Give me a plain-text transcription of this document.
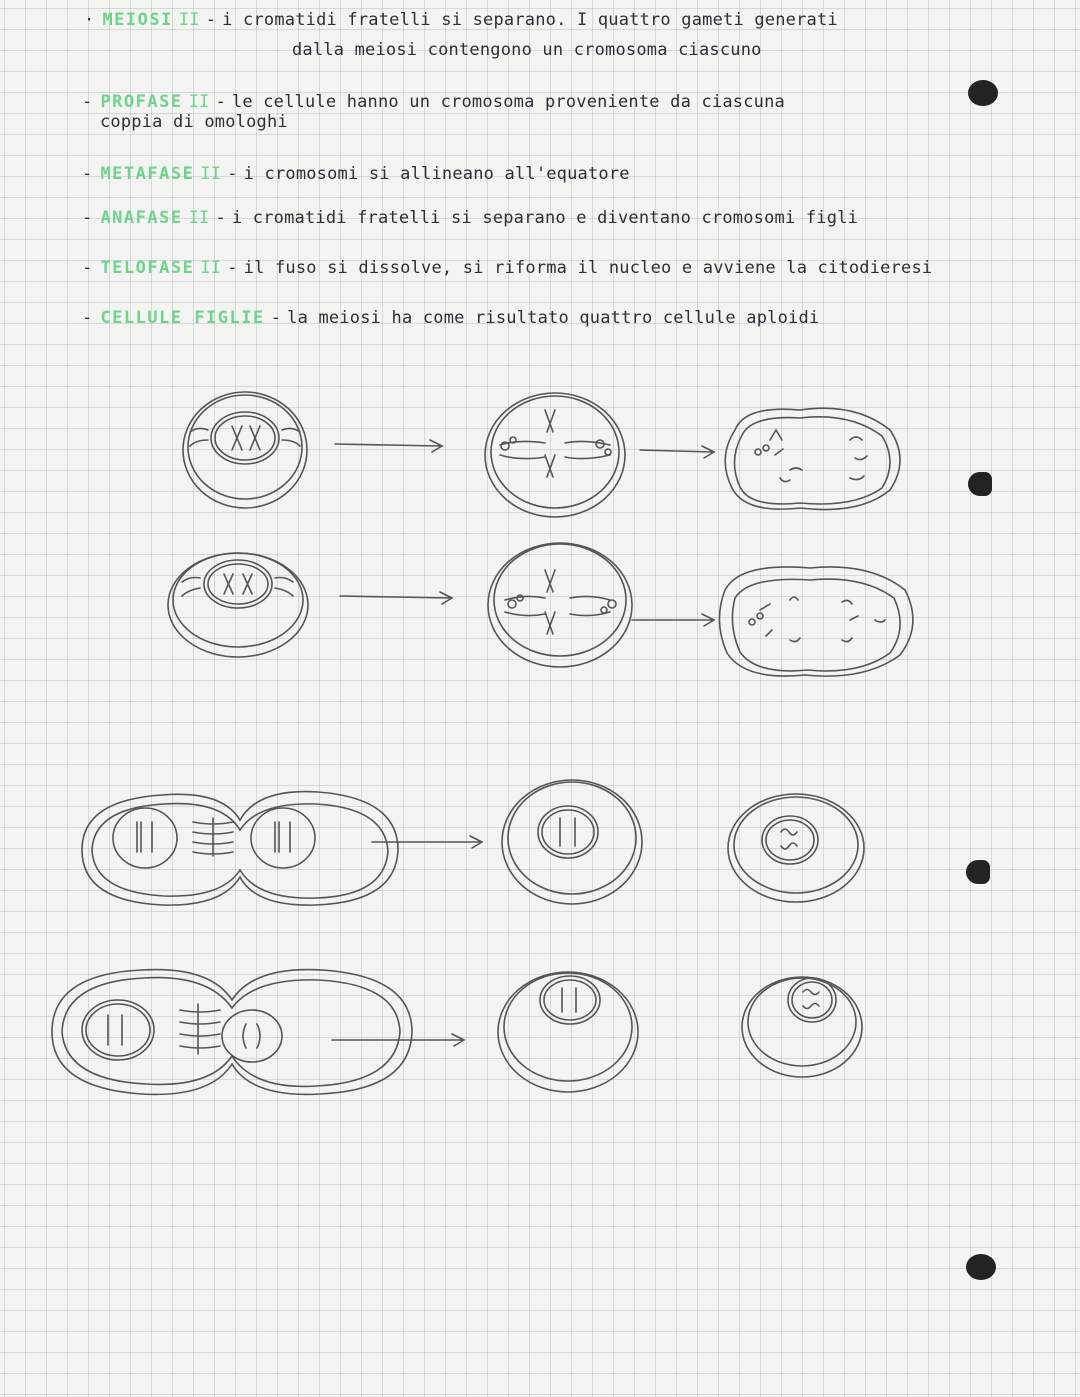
· MEIOSI II - i cromatidi fratelli si separano. I quattro gameti generati
dalla meiosi contengono un cromosoma ciascuno
- PROFASE II - le cellule hanno un cromosoma proveniente da ciascuna
coppia di omologhi
- METAFASE II - i cromosomi si allineano all'equatore
- ANAFASE II - i cromatidi fratelli si separano e diventano cromosomi figli
- TELOFASE II - il fuso si dissolve, si riforma il nucleo e avviene la citodieresi
- CELLULE FIGLIE - la meiosi ha come risultato quattro cellule aploidi
